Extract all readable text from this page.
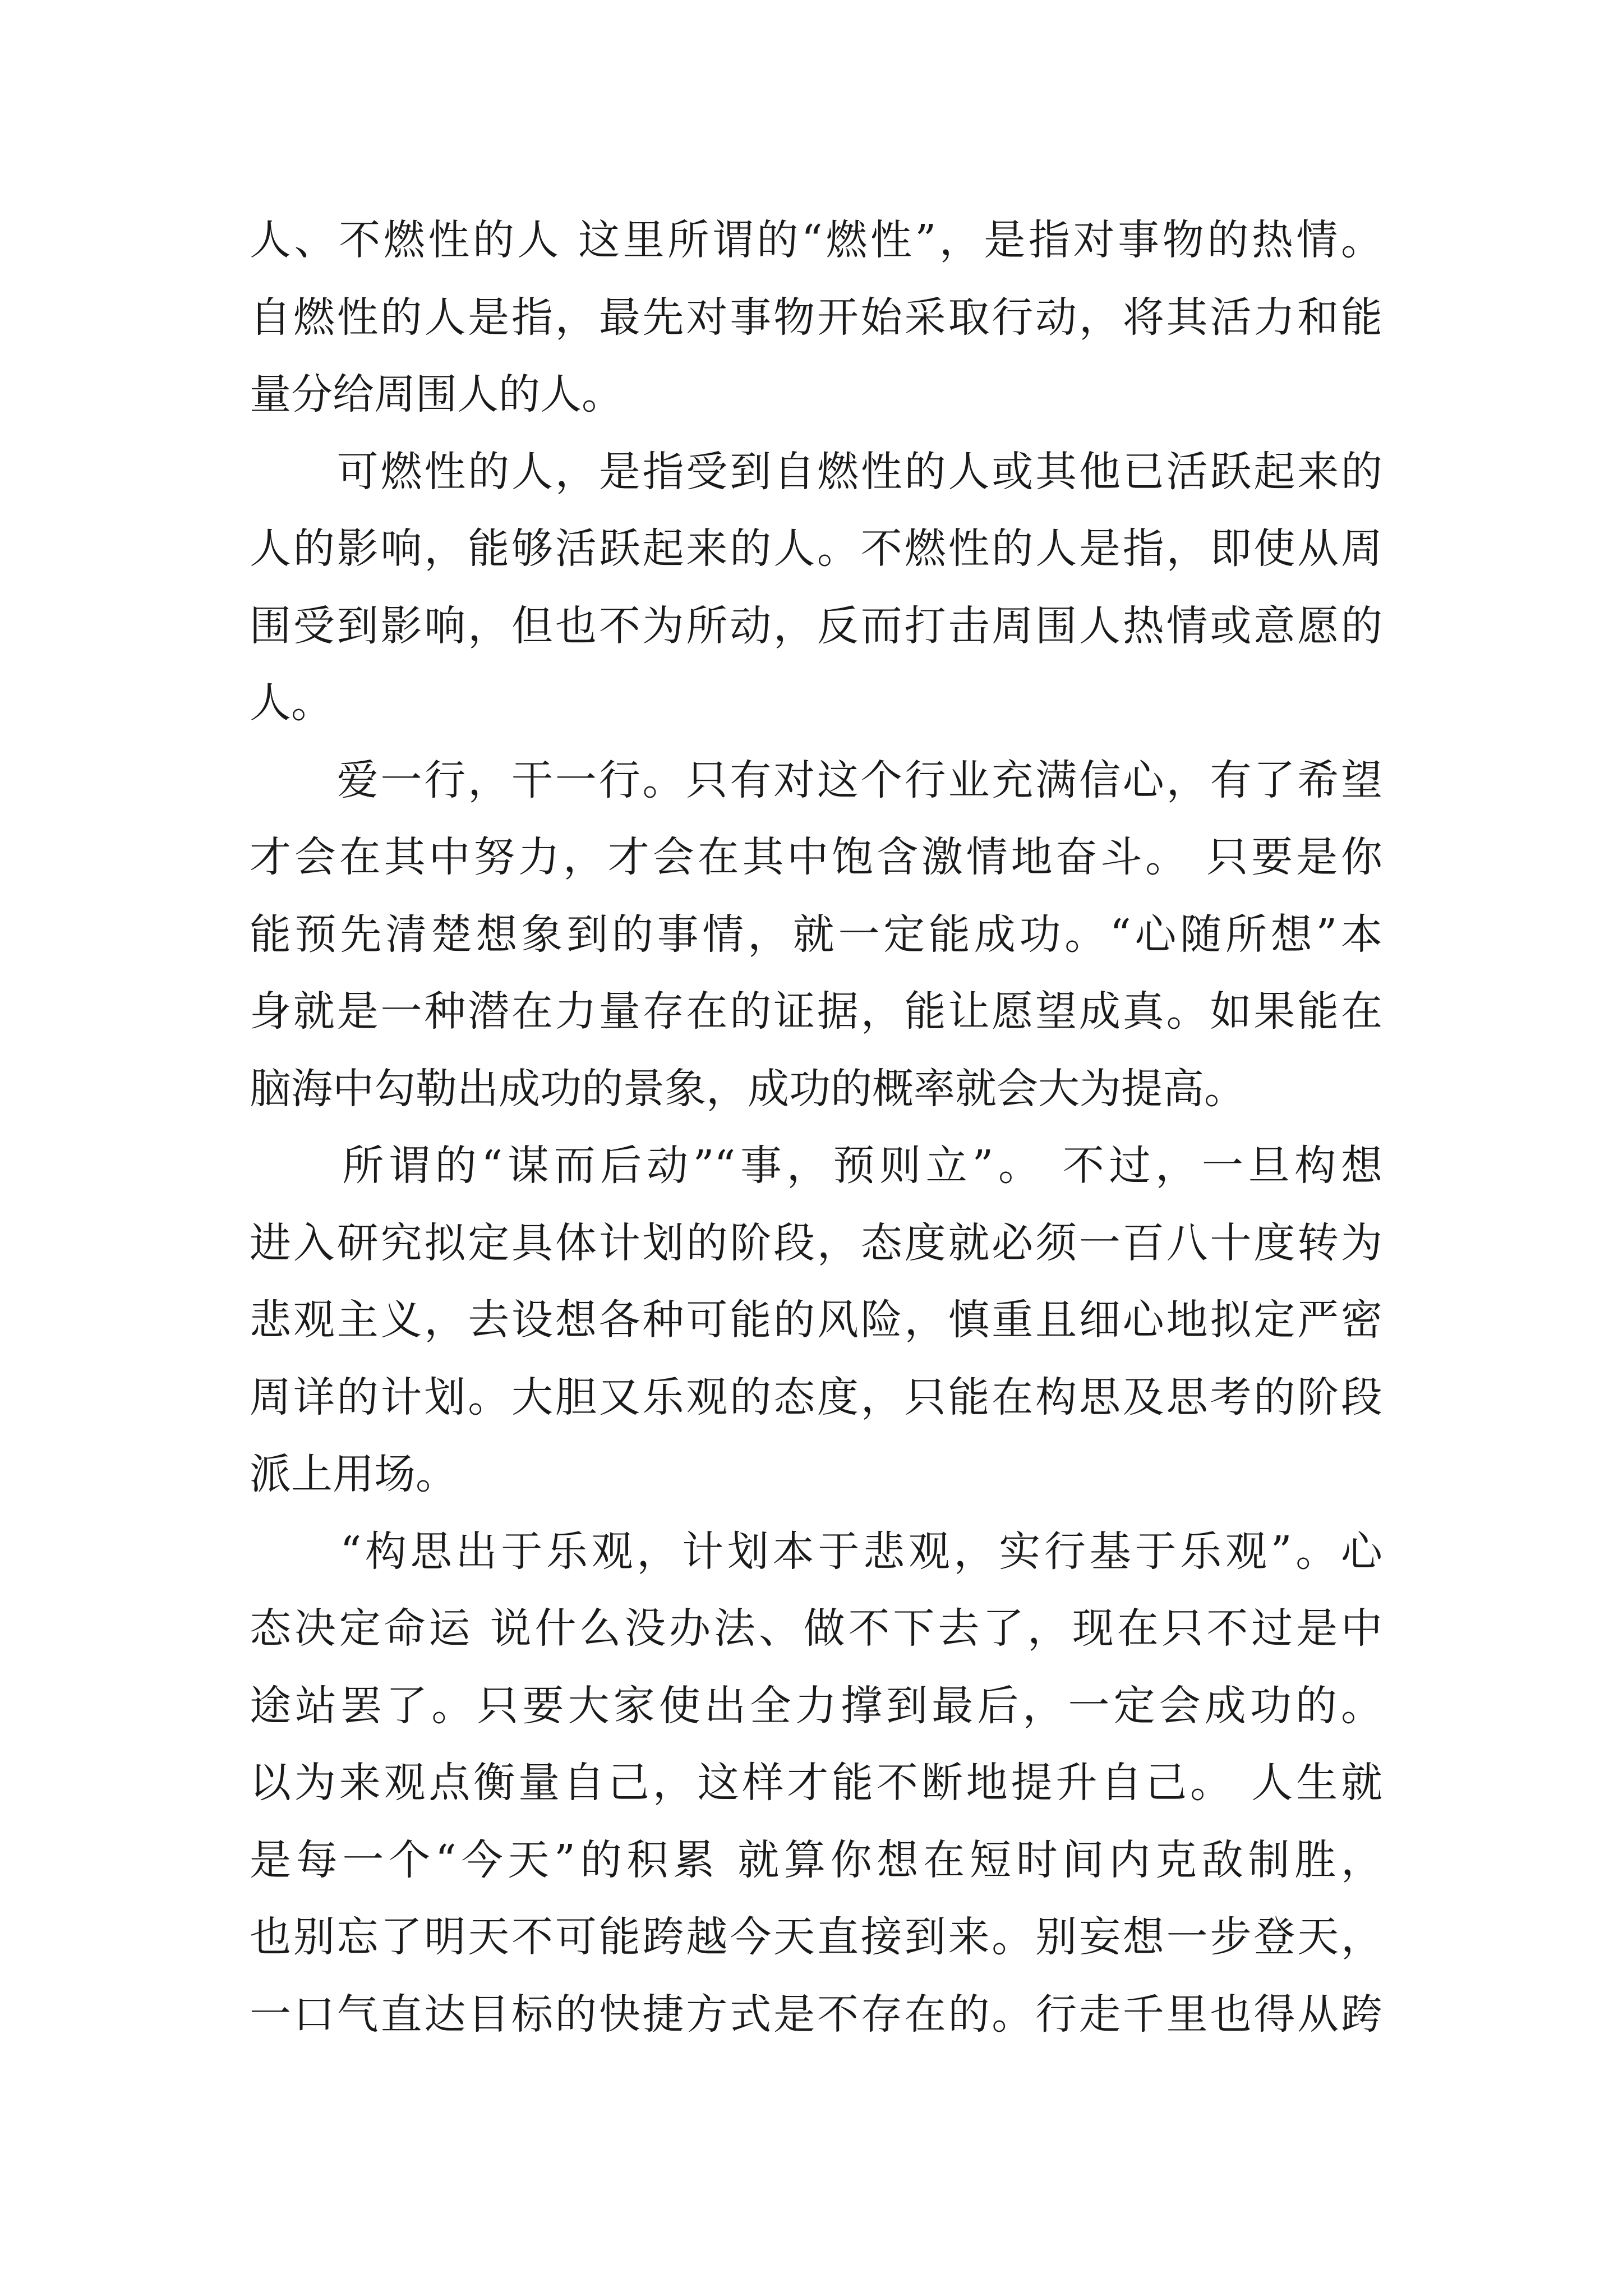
人、不燃性的人 这里所谓的“燃性”，是指对事物的热情。
自燃性的人是指，最先对事物开始采取行动，将其活力和能
量分给周围人的人。
　　可燃性的人，是指受到自燃性的人或其他已活跃起来的
人的影响，能够活跃起来的人。不燃性的人是指，即使从周
围受到影响，但也不为所动，反而打击周围人热情或意愿的
人。
　　爱一行，干一行。只有对这个行业充满信心，有了希望
才会在其中努力，才会在其中饱含激情地奋斗。 只要是你
能预先清楚想象到的事情，就一定能成功。“心随所想”本
身就是一种潜在力量存在的证据，能让愿望成真。如果能在
脑海中勾勒出成功的景象，成功的概率就会大为提高。
　　所谓的“谋而后动”“事，预则立”。 不过，一旦构想
进入研究拟定具体计划的阶段，态度就必须一百八十度转为
悲观主义，去设想各种可能的风险，慎重且细心地拟定严密
周详的计划。大胆又乐观的态度，只能在构思及思考的阶段
派上用场。
　　“构思出于乐观，计划本于悲观，实行基于乐观”。心
态决定命运 说什么没办法、做不下去了，现在只不过是中
途站罢了。只要大家使出全力撑到最后，一定会成功的。
以为来观点衡量自己，这样才能不断地提升自己。 人生就
是每一个“今天”的积累 就算你想在短时间内克敌制胜，
也别忘了明天不可能跨越今天直接到来。别妄想一步登天，
一口气直达目标的快捷方式是不存在的。行走千里也得从跨
